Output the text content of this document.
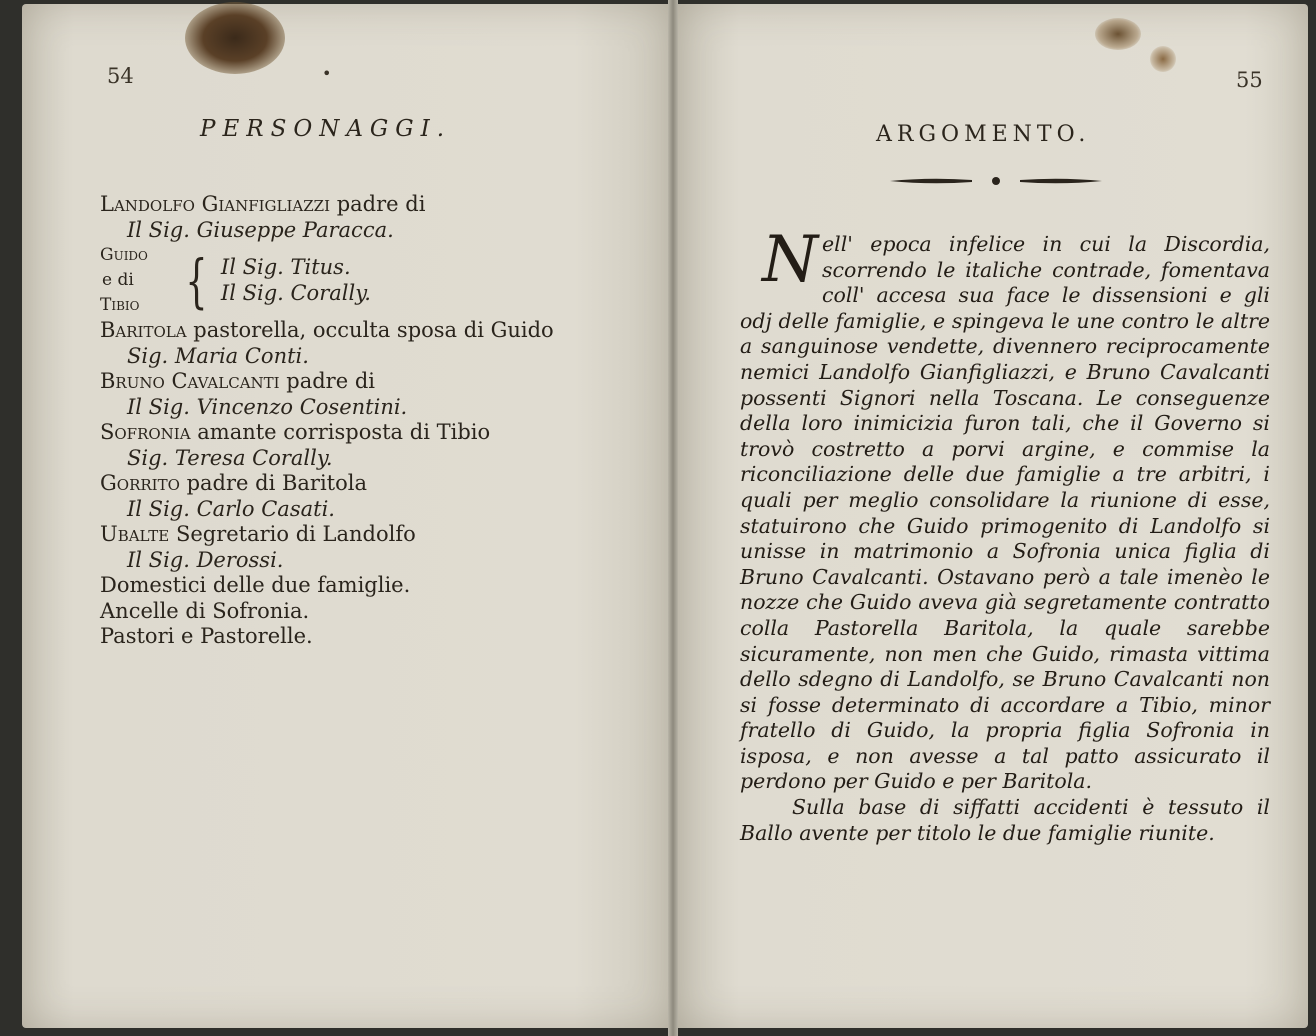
54	•
PERSONAGGI.
Landolfo Gianfigliazzi padre di
Il Sig. Giuseppe Paracca.
Guido
e di
Tibio { Il Sig. Titus.
Il Sig. Corally.
Baritola pastorella, occulta sposa di Guido
Sig. Maria Conti.
Bruno Cavalcanti padre di
Il Sig. Vincenzo Cosentini.
Sofronia amante corrisposta di Tibio
Sig. Teresa Corally.
Gorrito padre di Baritola
Il Sig. Carlo Casati.
Ubalte Segretario di Landolfo
Il Sig. Derossi.
Domestici delle due famiglie.
Ancelle di Sofronia.
Pastori e Pastorelle.
55
ARGOMENTO.

Nell' epoca infelice in cui la Discordia, scorrendo le italiche contrade, fomentava coll' accesa sua face le dissensioni e gli odj delle famiglie, e spingeva le une contro le altre a sanguinose vendette, divennero reciprocamente nemici Landolfo Gianfigliazzi, e Bruno Cavalcanti possenti Signori nella Toscana. Le conseguenze della loro inimicizia furon tali, che il Governo si trovò costretto a porvi argine, e commise la riconciliazione delle due famiglie a tre arbitri, i quali per meglio consolidare la riunione di esse, statuirono che Guido primogenito di Landolfo si unisse in matrimonio a Sofronia unica figlia di Bruno Cavalcanti. Ostavano però a tale imenèo le nozze che Guido aveva già segretamente contratto colla Pastorella Baritola, la quale sarebbe sicuramente, non men che Guido, rimasta vittima dello sdegno di Landolfo, se Bruno Cavalcanti non si fosse determinato di accordare a Tibio, minor fratello di Guido, la propria figlia Sofronia in isposa, e non avesse a tal patto assicurato il perdono per Guido e per Baritola.

Sulla base di siffatti accidenti è tessuto il Ballo avente per titolo le due famiglie riunite.
